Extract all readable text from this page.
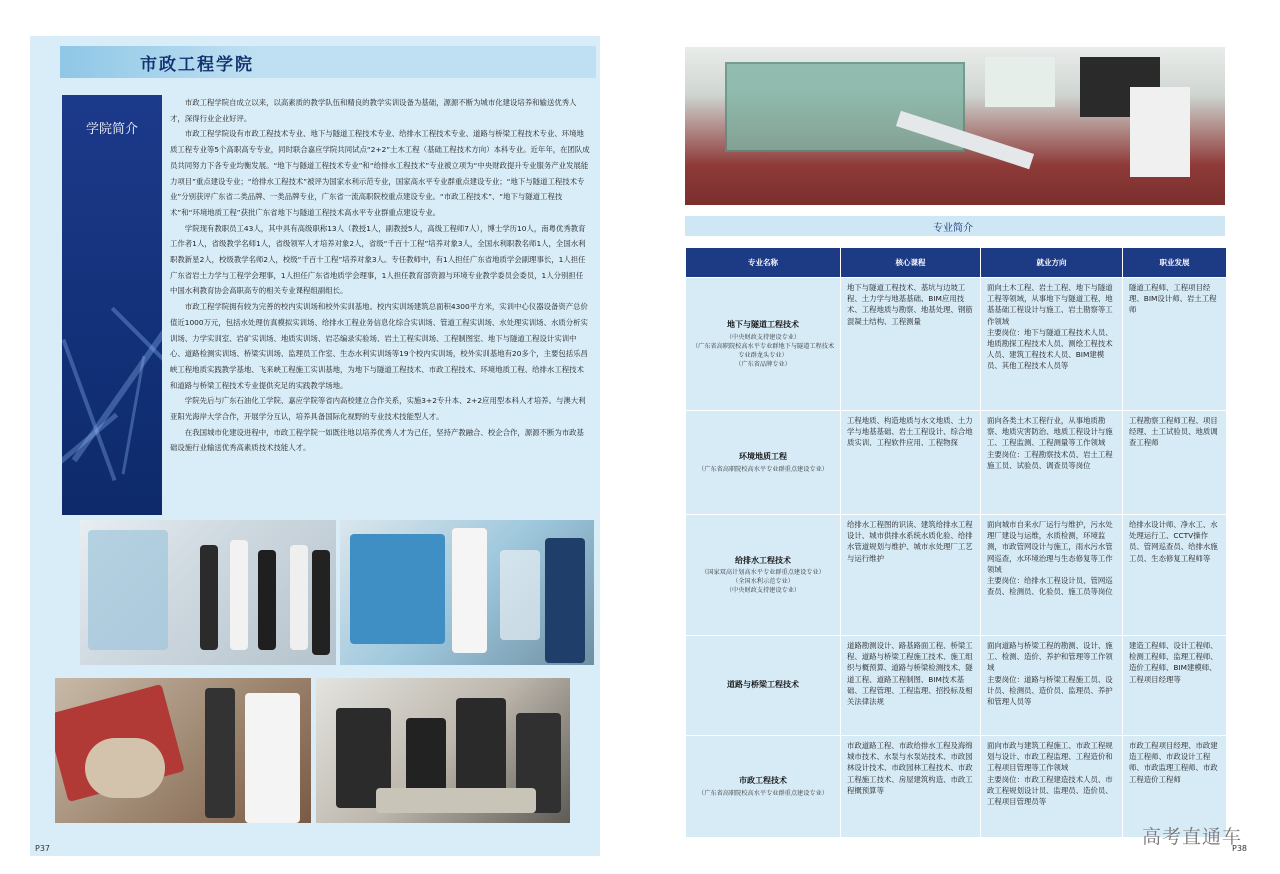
市政工程学院
学院简介

市政工程学院自成立以来，以高素质的教学队伍和精良的教学实训设备为基础，源源不断为城市化建设培养和输送优秀人才，深得行业企业好评。

市政工程学院设有市政工程技术专业、地下与隧道工程技术专业、给排水工程技术专业、道路与桥梁工程技术专业、环境地质工程专业等5个高职高专专业，同时联合嘉应学院共同试点“2+2”土木工程（基础工程技术方向）本科专业。近年年，在团队成员共同努力下各专业均衡发展。“地下与隧道工程技术专业”和“给排水工程技术”专业被立项为“中央财政提升专业服务产业发展能力项目”重点建设专业；“给排水工程技术”被评为国家水利示范专业，国家高水平专业群重点建设专业；“地下与隧道工程技术专业”分别获评广东省二类品牌、一类品牌专业，广东省一流高职院校重点建设专业。“市政工程技术”、“地下与隧道工程技术”和“环境地质工程”获批广东省地下与隧道工程技术高水平专业群重点建设专业。

学院现有教职员工43人，其中具有高级职称13人（教授1人，副教授5人，高级工程师7人），博士学历10人，南粤优秀教育工作者1人，省级教学名师1人，省级领军人才培养对象2人，省级“千百十工程”培养对象3人，全国水利职教名师1人，全国水利职教新星2人，校级教学名师2人，校级“千百十工程”培养对象3人。专任教师中，有1人担任广东省地质学会副理事长，1人担任广东省岩土力学与工程学会理事，1人担任广东省地质学会理事，1人担任教育部资源与环境专业教学委员会委员，1人分别担任中国水利教育协会高职高专的相关专业课程组副组长。

市政工程学院拥有较为完善的校内实训场和校外实训基地。校内实训场建筑总面积4300平方米，实训中心仪器设备资产总价值近1000万元，包括水处理仿真模拟实训场、给排水工程业务信息化综合实训场、管道工程实训场、水处理实训场、水质分析实训场、力学实训室、岩矿实训场、地质实训场、岩芯编录实验场、岩土工程实训场、工程制图室、地下与隧道工程设计实训中心、道路检测实训场、桥梁实训场、监理员工作室、生态水利实训场等19个校内实训场，校外实训基地有20多个，主要包括乐昌峡工程地质实践教学基地、飞来峡工程施工实训基地，为地下与隧道工程技术、市政工程技术、环境地质工程、给排水工程技术和道路与桥梁工程技术专业提供充足的实践教学场地。

学院先后与广东石油化工学院、嘉应学院等省内高校建立合作关系，实施3+2专升本、2+2应用型本科人才培养。与澳大利亚阳光海岸大学合作，开展学分互认，培养具备国际化视野的专业技术技能型人才。

在我国城市化建设进程中，市政工程学院一如既往地以培养优秀人才为己任，坚持产教融合、校企合作，源源不断为市政基础设施行业输送优秀高素质技术技能人才。

P37
专业简介
专业名称	核心课程	就业方向	职业发展

地下与隧道工程技术
（中央财政支持建设专业）
（广东省高职院校高水平专业群地下与隧道工程技术专业群龙头专业）
（广东省品牌专业）	地下与隧道工程技术、基坑与边坡工程、土力学与地基基础、BIM应用技术、工程地质与勘察、地基处理、钢筋混凝土结构、工程测量	面向土木工程、岩土工程、地下与隧道工程等领域，从事地下与隧道工程、地基基础工程设计与施工、岩土勘察等工作领域
主要岗位：地下与隧道工程技术人员、地质勘探工程技术人员、测绘工程技术人员、建筑工程技术人员、BIM建模员、其他工程技术人员等	隧道工程师、工程项目经理、BIM设计师、岩土工程师

环境地质工程
（广东省高职院校高水平专业群重点建设专业）	工程地质、构造地质与水文地质、土力学与地基基础、岩土工程设计、综合地质实训、工程软件应用、工程物探	面向各类土木工程行业，从事地质勘察、地质灾害防治、地质工程设计与施工、工程监测、工程测量等工作领域
主要岗位：工程勘察技术员、岩土工程施工员、试验员、调查员等岗位	工程勘察工程师工程、项目经理、土工试验员、地质调查工程师

给排水工程技术
（国家双高计划高水平专业群重点建设专业）
（全国水利示范专业）
（中央财政支持建设专业）	给排水工程图的识读、建筑给排水工程设计、城市供排水系统水质化验、给排水管道规划与维护、城市水处理厂工艺与运行维护	面向城市自来水厂运行与维护，污水处理厂建设与运维，水质检测，环境监测，市政管网设计与施工，雨水污水管网巡查，水环境治理与生态修复等工作领域
主要岗位：给排水工程设计员、管网巡查员、检测员、化验员、施工员等岗位	给排水设计师、净水工、水处理运行工、CCTV操作员、管网巡查员、给排水施工员、生态修复工程师等

道路与桥梁工程技术	道路勘测设计、路基路面工程、桥梁工程、道路与桥梁工程施工技术、施工组织与概预算、道路与桥梁检测技术、隧道工程、道路工程制图、BIM技术基础、工程管理、工程监理、招投标及相关法律法规	面向道路与桥梁工程的勘测、设计、施工、检测、造价、养护和管理等工作领域
主要岗位：道路与桥梁工程施工员、设计员、检测员、造价员、监理员、养护和管理人员等	建造工程师、设计工程师、检测工程师、监理工程师、造价工程师、BIM建模师、工程项目经理等

市政工程技术
（广东省高职院校高水平专业群重点建设专业）	市政道路工程、市政给排水工程及海绵城市技术、水泵与水泵站技术、市政园林设计技术、市政园林工程技术、市政工程施工技术、房屋建筑构造、市政工程概预算等	面向市政与建筑工程施工、市政工程规划与设计、市政工程监理、工程造价和工程项目管理等工作领域
主要岗位：市政工程建造技术人员、市政工程规划设计员、监理员、造价员、工程项目管理员等	市政工程项目经理、市政建造工程师、市政设计工程师、市政监理工程师、市政工程造价工程师
P38
高考直通车
